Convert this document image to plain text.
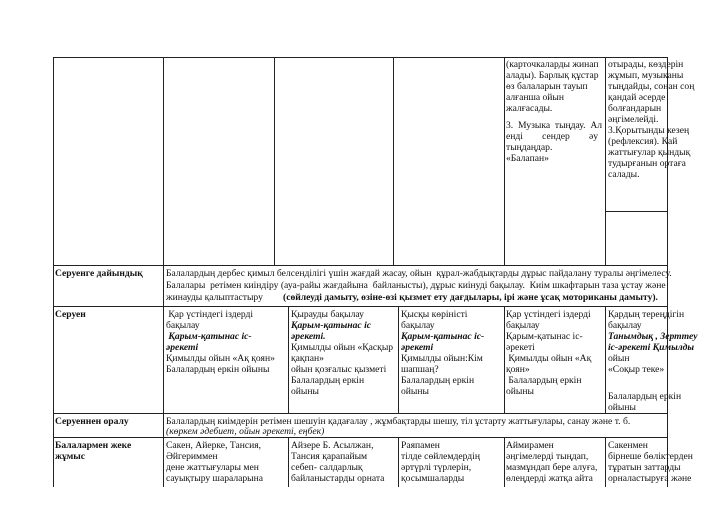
(карточкаларды жинап
алады). Барлық құстар
өз балаларын тауып
алғанша ойын
жалғасады.
3.  Музыка  тыңдау.  Ал
енді        сендер        әу
тыңдаңдар.
«Балапан»
отырады, көздерін
жұмып, музыканы
тыңдайды, сонан соң
қандай әсерде
болғандарын
әңгімелейді.
3.Қорытынды кезең
(рефлексия). Қай
жаттығулар қындық
тудырғанын ортаға
салады.
Серуенге дайындық Балалардың дербес қимыл белсенділігі үшін жағдай жасау, ойын  құрал-жабдықтарды дұрыс пайдалану туралы әңгімелесу.
Балалары  ретімен киіндіру (ауа-райы жағдайына  байланысты), дұрыс киінуді бақылау.  Киім шкафтарын таза ұстау және
жинауды қалыптастыру (сөйлеуді дамыту, өзіне-өзі қызмет ету дағдылары, ірі және ұсақ моториканы дамыту).
Серуен	Қар үстіндегі іздерді
бақылау
Қарым-қатынас іс-
әрекеті
Қимылды ойын «Ақ қоян»
Балалардың еркін ойыны
Қырауды бақылау
Қарым-қатынас іс
әрекеті.
Қимылды ойын «Қасқыр
қақпан»
ойын қозғалыс қызметі
Балалардың еркін
ойыны
Қысқы көріністі
бақылау
Қарым-қатынас іс-
әрекеті
Қимылды ойын:Кім
шапшаң?
Балалардың еркін
ойыны
Қар үстіндегі іздерді
бақылау
Қарым-қатынас іс-
әрекеті
Қимылды ойын «Ақ
қоян»
Балалардың еркін
ойыны
Қардың тереңдігін
бақылау
Танымдық , Зерттеу
іс-әрекеті Қимылды
ойын
«Соқыр теке»
Балалардың еркін
ойыны
Серуеннен оралу	Балалардың киімдерін ретімен шешуін қадағалау , жұмбақтарды шешу, тіл ұстарту жаттығулары, санау және т. б.
(көркем әдебиет, ойын әрекеті, еңбек)
Балалармен жеке
жұмыс
Сакен, Айерке, Тансия,
Әйгериммен
дене жаттығулары мен
сауықтыру шараларына
Айзере Б. Асылжан,
Тансия қарапайым
себеп- салдарлық
байланыстарды орната
Раяпамен
тілде сөйлемдердің
әртүрлі түрлерін,
қосымшаларды
Аймирамен
әңгімелерді тыңдап,
мазмұндап бере алуға,
өлеңдерді жатқа айта
Сакенмен
бірнеше бөліктерден
тұратын заттарды
орналастыруға және
